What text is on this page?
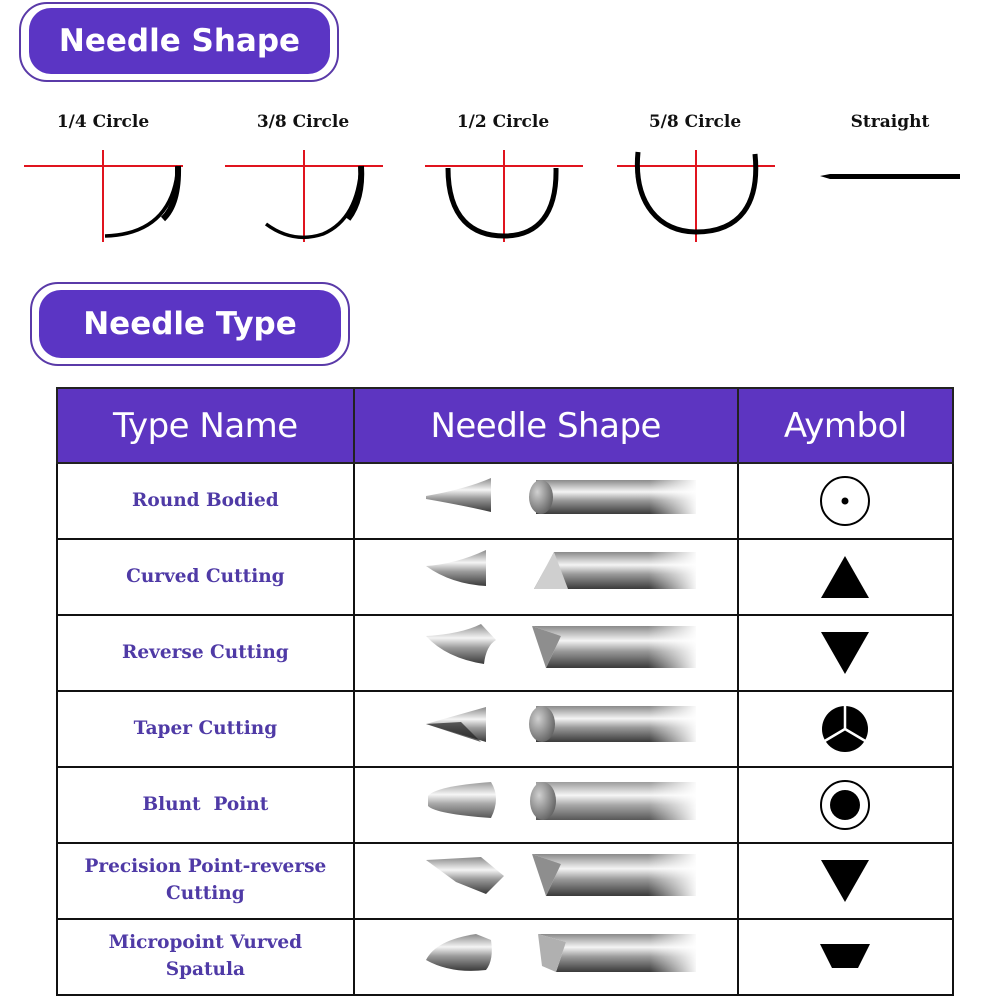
Needle Shape
1/4 Circle	3/8 Circle	1/2 Circle	5/8 Circle	Straight
Needle Type
Type Name	Needle Shape	Aymbol

Round Bodied

Curved Cutting

Reverse Cutting

Taper Cutting

Blunt  Point

Precision Point-reverse
Cutting

Micropoint Vurved
Spatula
